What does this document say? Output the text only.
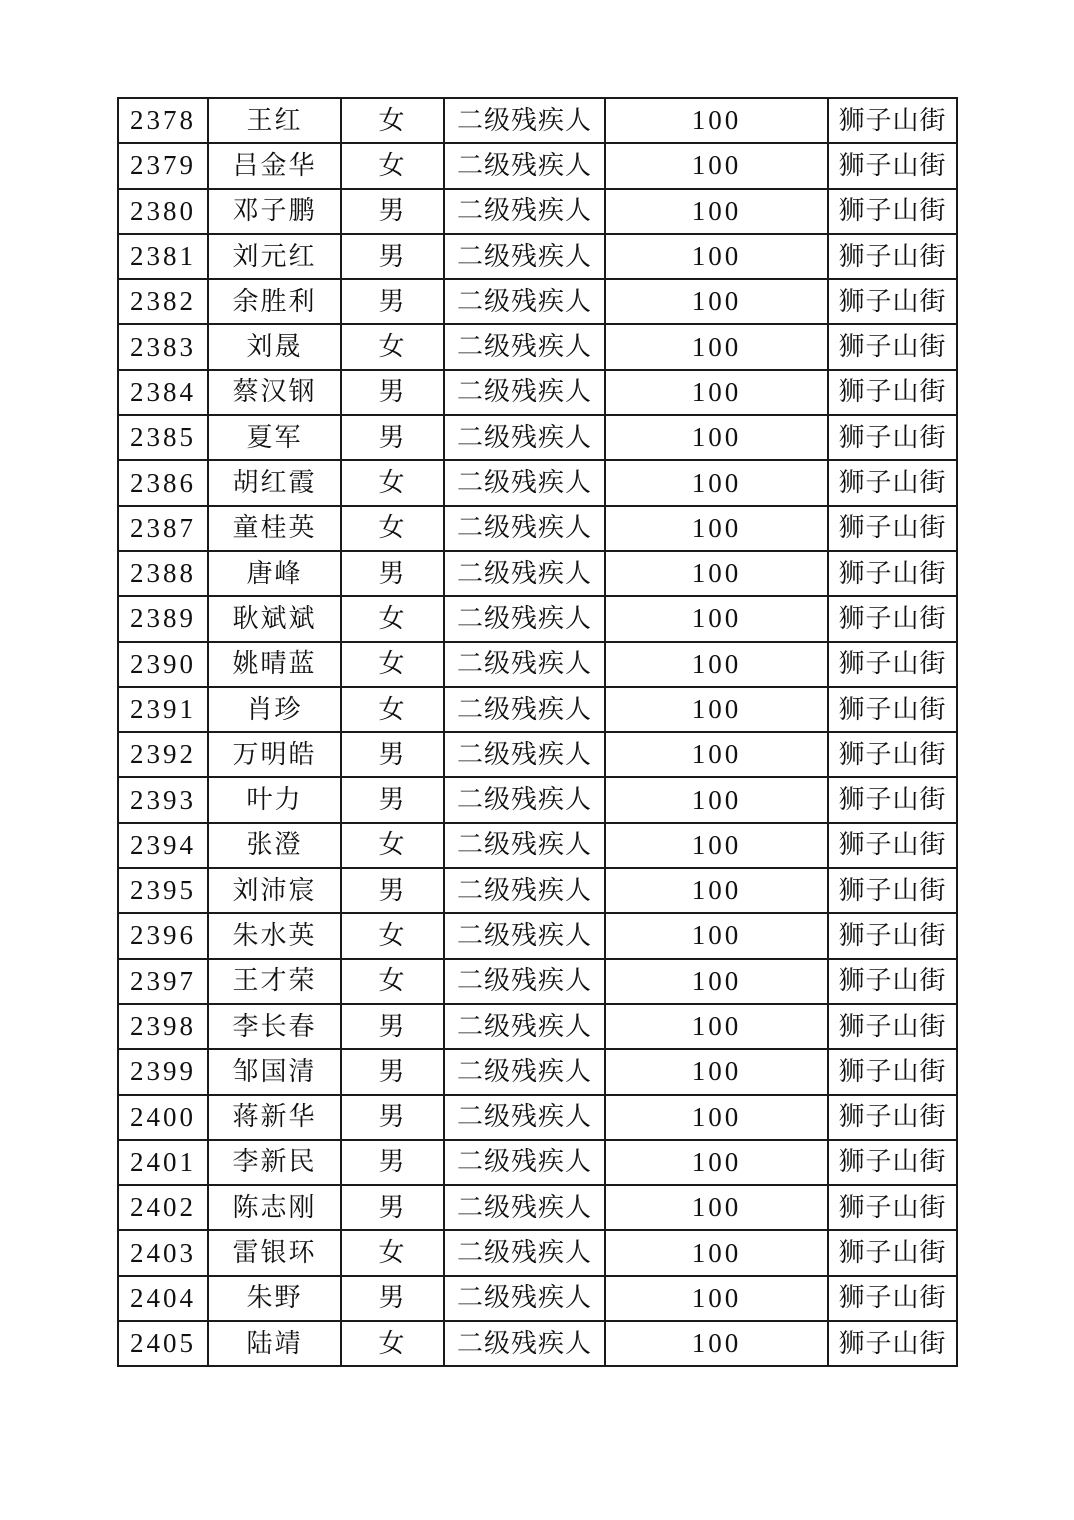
2378	王红	女	二级残疾人	100	狮子山街
2379	吕金华	女	二级残疾人	100	狮子山街
2380	邓子鹏	男	二级残疾人	100	狮子山街
2381	刘元红	男	二级残疾人	100	狮子山街
2382	余胜利	男	二级残疾人	100	狮子山街
2383	刘晟	女	二级残疾人	100	狮子山街
2384	蔡汉钢	男	二级残疾人	100	狮子山街
2385	夏军	男	二级残疾人	100	狮子山街
2386	胡红霞	女	二级残疾人	100	狮子山街
2387	童桂英	女	二级残疾人	100	狮子山街
2388	唐峰	男	二级残疾人	100	狮子山街
2389	耿斌斌	女	二级残疾人	100	狮子山街
2390	姚晴蓝	女	二级残疾人	100	狮子山街
2391	肖珍	女	二级残疾人	100	狮子山街
2392	万明皓	男	二级残疾人	100	狮子山街
2393	叶力	男	二级残疾人	100	狮子山街
2394	张澄	女	二级残疾人	100	狮子山街
2395	刘沛宸	男	二级残疾人	100	狮子山街
2396	朱水英	女	二级残疾人	100	狮子山街
2397	王才荣	女	二级残疾人	100	狮子山街
2398	李长春	男	二级残疾人	100	狮子山街
2399	邹国清	男	二级残疾人	100	狮子山街
2400	蒋新华	男	二级残疾人	100	狮子山街
2401	李新民	男	二级残疾人	100	狮子山街
2402	陈志刚	男	二级残疾人	100	狮子山街
2403	雷银环	女	二级残疾人	100	狮子山街
2404	朱野	男	二级残疾人	100	狮子山街
2405	陆靖	女	二级残疾人	100	狮子山街
